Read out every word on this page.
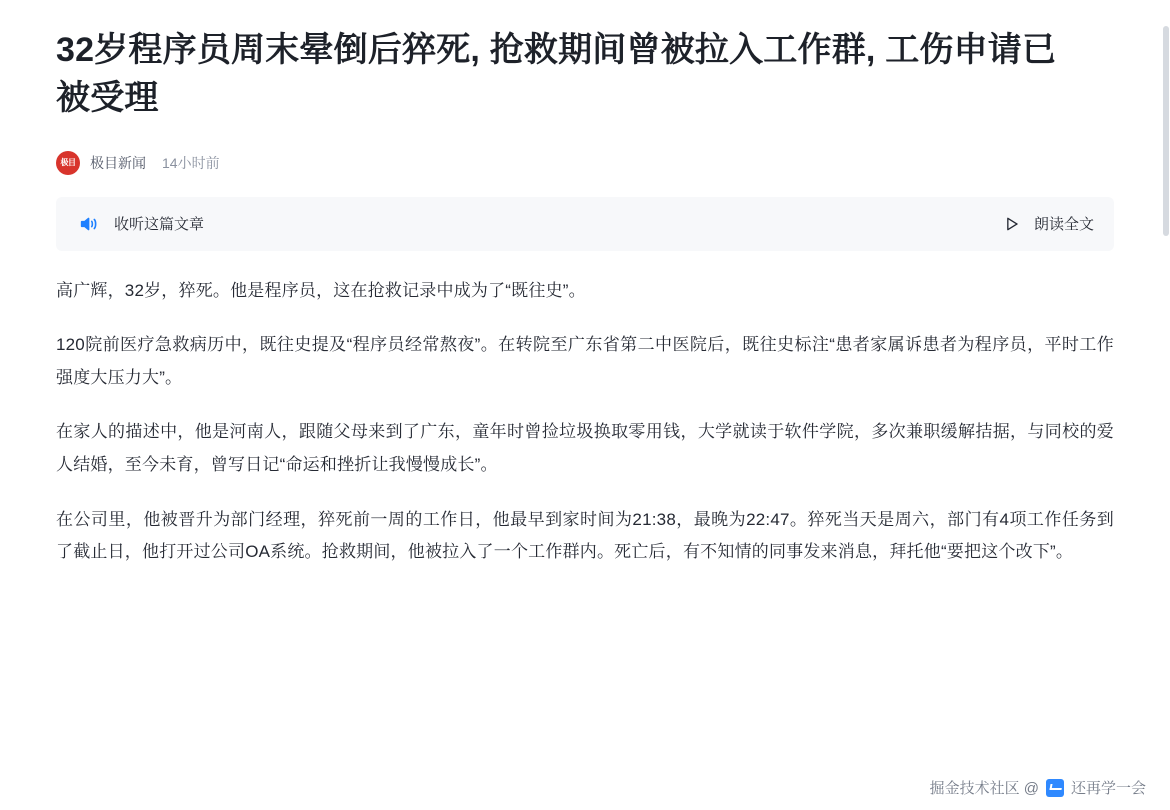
32岁程序员周末晕倒后猝死, 抢救期间曾被拉入工作群, 工伤申请已被受理
极目	极目新闻 14小时前
收听这篇文章	朗读全文

高广辉，32岁，猝死。他是程序员，这在抢救记录中成为了“既往史”。

120院前医疗急救病历中，既往史提及“程序员经常熬夜”。在转院至广东省第二中医院后，既往史标注“患者家属诉患者为程序员，平时工作强度大压力大”。

在家人的描述中，他是河南人，跟随父母来到了广东，童年时曾捡垃圾换取零用钱，大学就读于软件学院，多次兼职缓解拮据，与同校的爱人结婚，至今未育，曾写日记“命运和挫折让我慢慢成长”。

在公司里，他被晋升为部门经理，猝死前一周的工作日，他最早到家时间为21:38，最晚为22:47。猝死当天是周六，部门有4项工作任务到了截止日，他打开过公司OA系统。抢救期间，他被拉入了一个工作群内。死亡后，有不知情的同事发来消息，拜托他“要把这个改下”。

掘金技术社区 @ 还再学一会
